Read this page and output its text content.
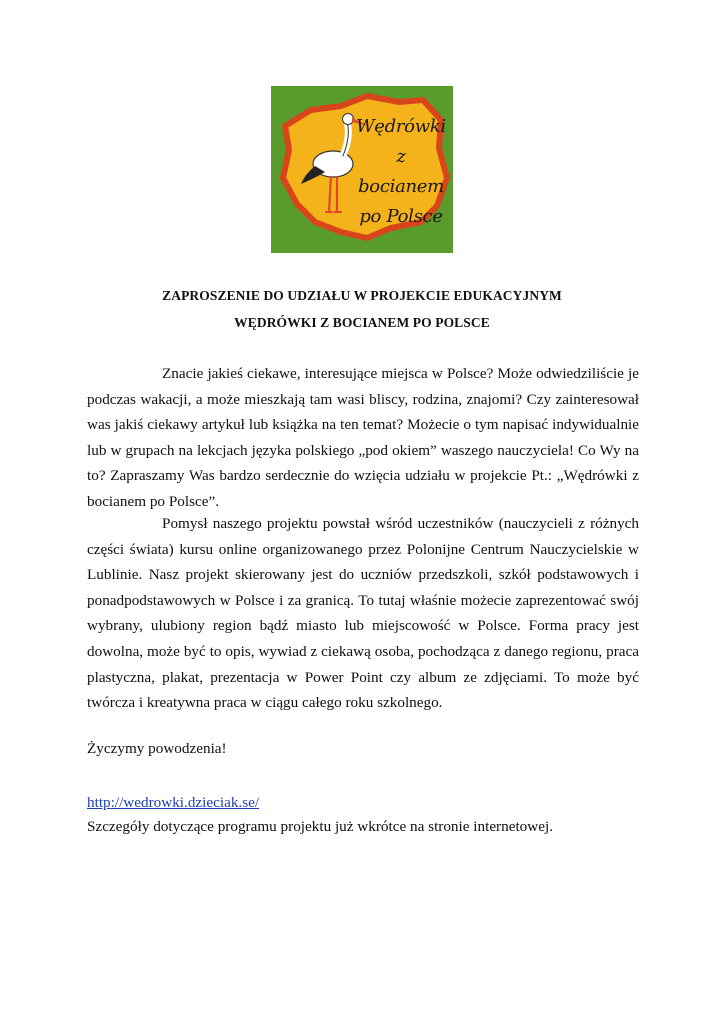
Wędrówki
z bocianem
po Polsce
ZAPROSZENIE DO UDZIAŁU W PROJEKCIE EDUKACYJNYM
WĘDRÓWKI Z BOCIANEM PO POLSCE
Znacie jakieś ciekawe, interesujące miejsca w Polsce? Może odwiedziliście je podczas wakacji, a może mieszkają tam wasi bliscy, rodzina, znajomi? Czy zainteresował was jakiś ciekawy artykuł lub książka na ten temat? Możecie o tym napisać indywidualnie lub w grupach na lekcjach języka polskiego „pod okiem” waszego nauczyciela! Co Wy na to? Zapraszamy Was bardzo serdecznie do wzięcia udziału w projekcie Pt.: „Wędrówki z bocianem po Polsce”.
Pomysł naszego projektu powstał wśród uczestników (nauczycieli z różnych części świata) kursu online organizowanego przez Polonijne Centrum Nauczycielskie w Lublinie. Nasz projekt skierowany jest do uczniów przedszkoli, szkół podstawowych i ponadpodstawowych w Polsce i za granicą. To tutaj właśnie możecie zaprezentować swój wybrany, ulubiony region bądź miasto lub miejscowość w Polsce. Forma pracy jest dowolna, może być to opis, wywiad z ciekawą osoba, pochodząca z danego regionu, praca plastyczna, plakat, prezentacja w Power Point czy album ze zdjęciami. To może być twórcza i kreatywna praca w ciągu całego roku szkolnego.
Życzymy powodzenia!
http://wedrowki.dzieciak.se/
Szczegóły dotyczące programu projektu już wkrótce na stronie internetowej.
